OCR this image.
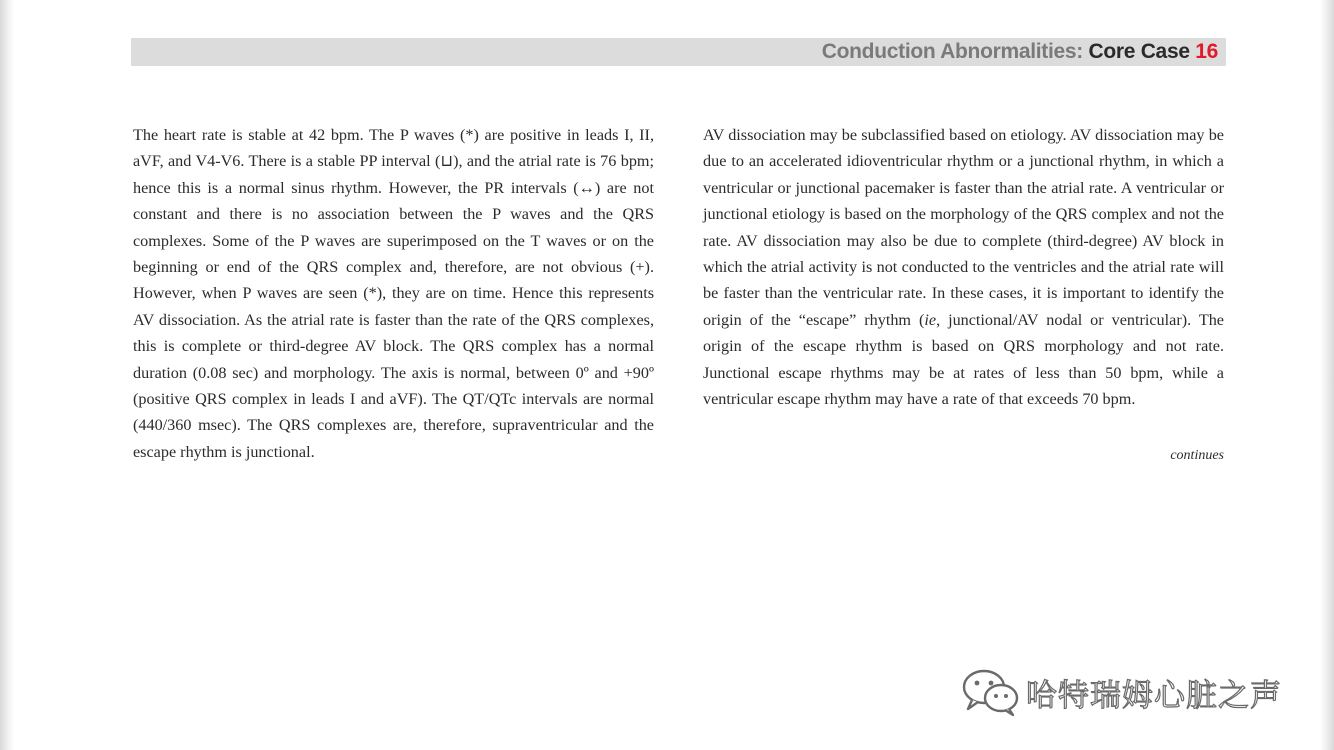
Conduction Abnormalities: Core Case 16

The heart rate is stable at 42 bpm. The P waves (*) are positive in leads I, II, aVF, and V4-V6. There is a stable PP interval (⊔), and the atrial rate is 76 bpm; hence this is a normal sinus rhythm. However, the PR intervals (↔) are not constant and there is no association between the P waves and the QRS complexes. Some of the P waves are superimposed on the T waves or on the beginning or end of the QRS complex and, therefore, are not obvious (+). However, when P waves are seen (*), they are on time. Hence this represents AV dissociation. As the atrial rate is faster than the rate of the QRS complexes, this is complete or third-degree AV block. The QRS complex has a normal duration (0.08 sec) and morphology. The axis is normal, between 0º and +90º (positive QRS complex in leads I and aVF). The QT/QTc intervals are normal (440/360 msec). The QRS complexes are, therefore, supraventricular and the escape rhythm is junctional.

AV dissociation may be subclassified based on etiology. AV dissociation may be due to an accelerated idioventricular rhythm or a junctional rhythm, in which a ventricular or junctional pacemaker is faster than the atrial rate. A ventricular or junctional etiology is based on the morphology of the QRS complex and not the rate. AV dissociation may also be due to complete (third-degree) AV block in which the atrial activity is not conducted to the ventricles and the atrial rate will be faster than the ventricular rate. In these cases, it is important to identify the origin of the “escape” rhythm (ie, junctional/AV nodal or ventricular). The origin of the escape rhythm is based on QRS morphology and not rate. Junctional escape rhythms may be at rates of less than 50 bpm, while a ventricular escape rhythm may have a rate of that exceeds 70 bpm.

continues
哈特瑞姆心脏之声
